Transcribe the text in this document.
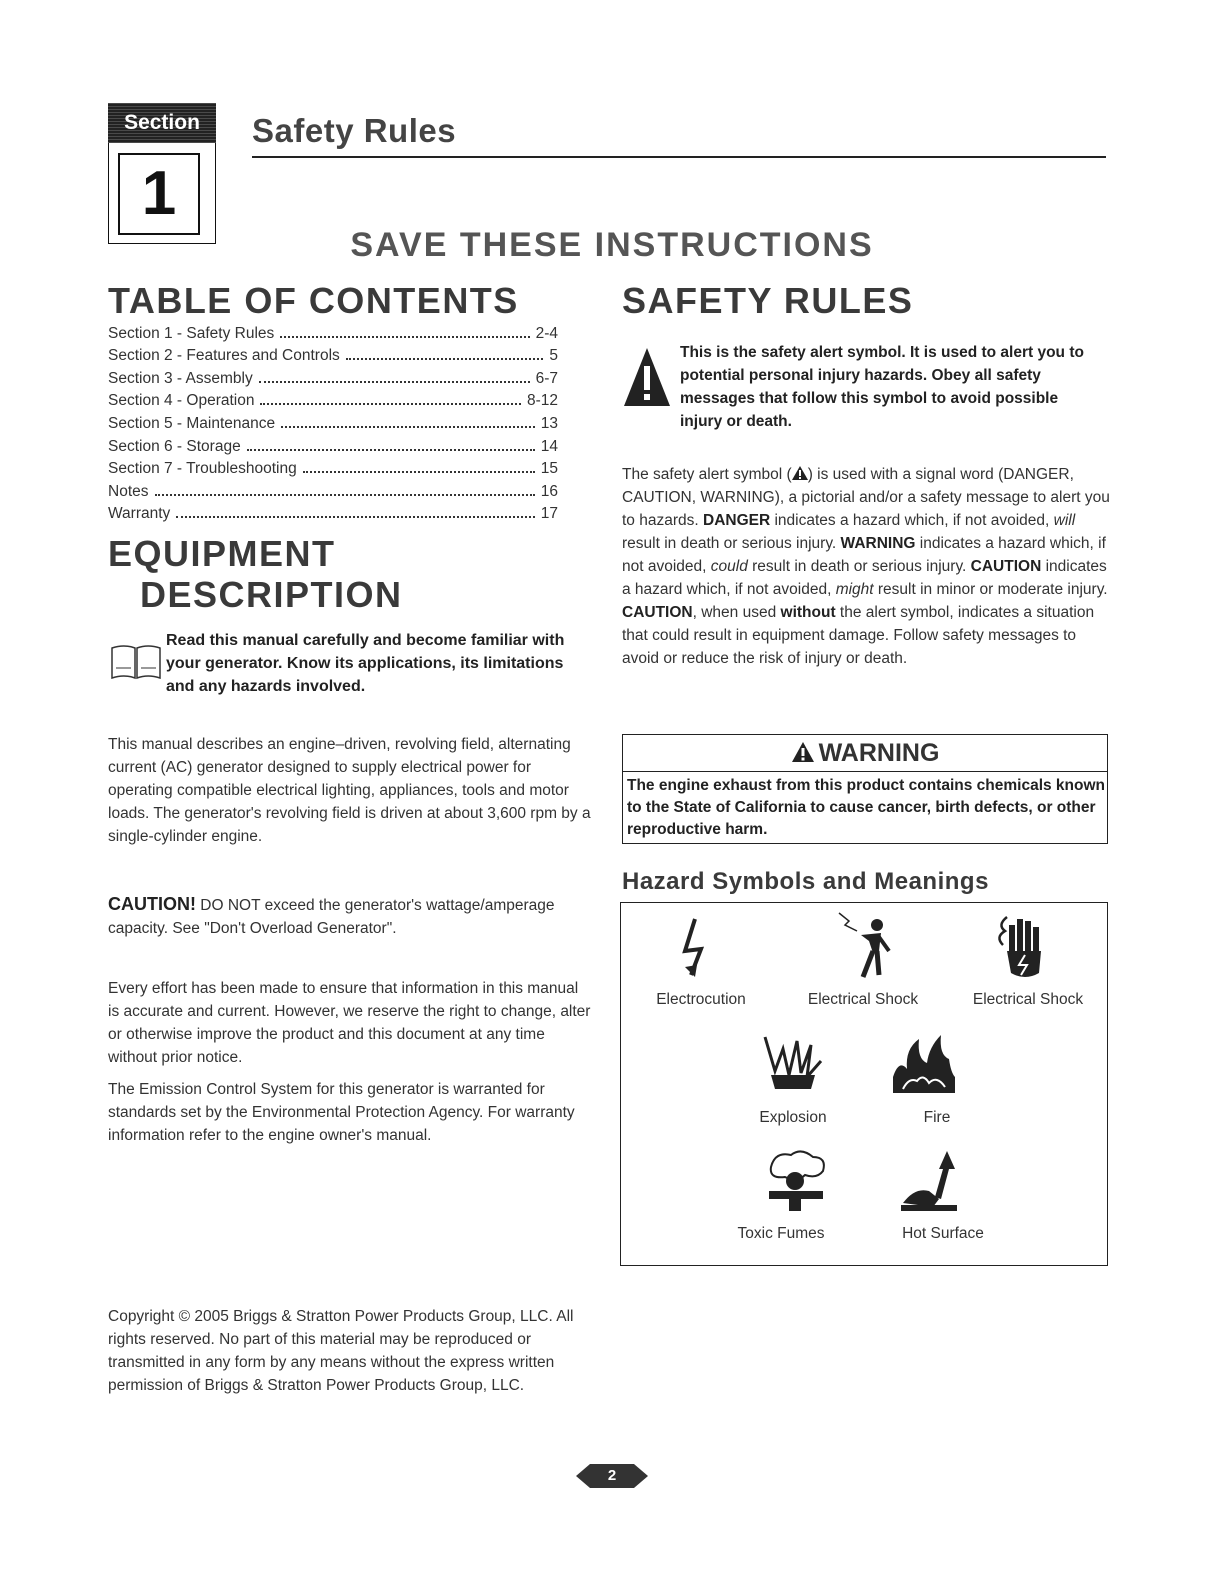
Section
1
Safety Rules
SAVE THESE INSTRUCTIONS
TABLE OF CONTENTS
Section 1 - Safety Rules	2-4
Section 2 - Features and Controls	5
Section 3 - Assembly	6-7
Section 4 - Operation	8-12
Section 5 - Maintenance	13
Section 6 - Storage	14
Section 7 - Troubleshooting	15
Notes	16
Warranty	17
EQUIPMENT
DESCRIPTION
Read this manual carefully and become familiar with your generator. Know its applications, its limitations and any hazards involved.
This manual describes an engine–driven, revolving field, alternating current (AC) generator designed to supply electrical power for operating compatible electrical lighting, appliances, tools and motor loads. The generator's revolving field is driven at about 3,600 rpm by a single-cylinder engine.
CAUTION! DO NOT exceed the generator's wattage/amperage capacity. See "Don't Overload Generator".
Every effort has been made to ensure that information in this manual is accurate and current. However, we reserve the right to change, alter or otherwise improve the product and this document at any time without prior notice.
The Emission Control System for this generator is warranted for standards set by the Environmental Protection Agency. For warranty information refer to the engine owner's manual.
SAFETY RULES
This is the safety alert symbol. It is used to alert you to potential personal injury hazards. Obey all safety messages that follow this symbol to avoid possible injury or death.
The safety alert symbol ( ) is used with a signal word (DANGER, CAUTION, WARNING), a pictorial and/or a safety message to alert you to hazards. DANGER indicates a hazard which, if not avoided, will result in death or serious injury. WARNING indicates a hazard which, if not avoided, could result in death or serious injury. CAUTION indicates a hazard which, if not avoided, might result in minor or moderate injury. CAUTION, when used without the alert symbol, indicates a situation that could result in equipment damage. Follow safety messages to avoid or reduce the risk of injury or death.
WARNING
The engine exhaust from this product contains chemicals known to the State of California to cause cancer, birth defects, or other reproductive harm.
Hazard Symbols and Meanings
Electrocution	Electrical Shock	Electrical Shock
Explosion	Fire
Toxic Fumes	Hot Surface
Copyright © 2005 Briggs & Stratton Power Products Group, LLC. All rights reserved. No part of this material may be reproduced or transmitted in any form by any means without the express written permission of Briggs & Stratton Power Products Group, LLC.
2
